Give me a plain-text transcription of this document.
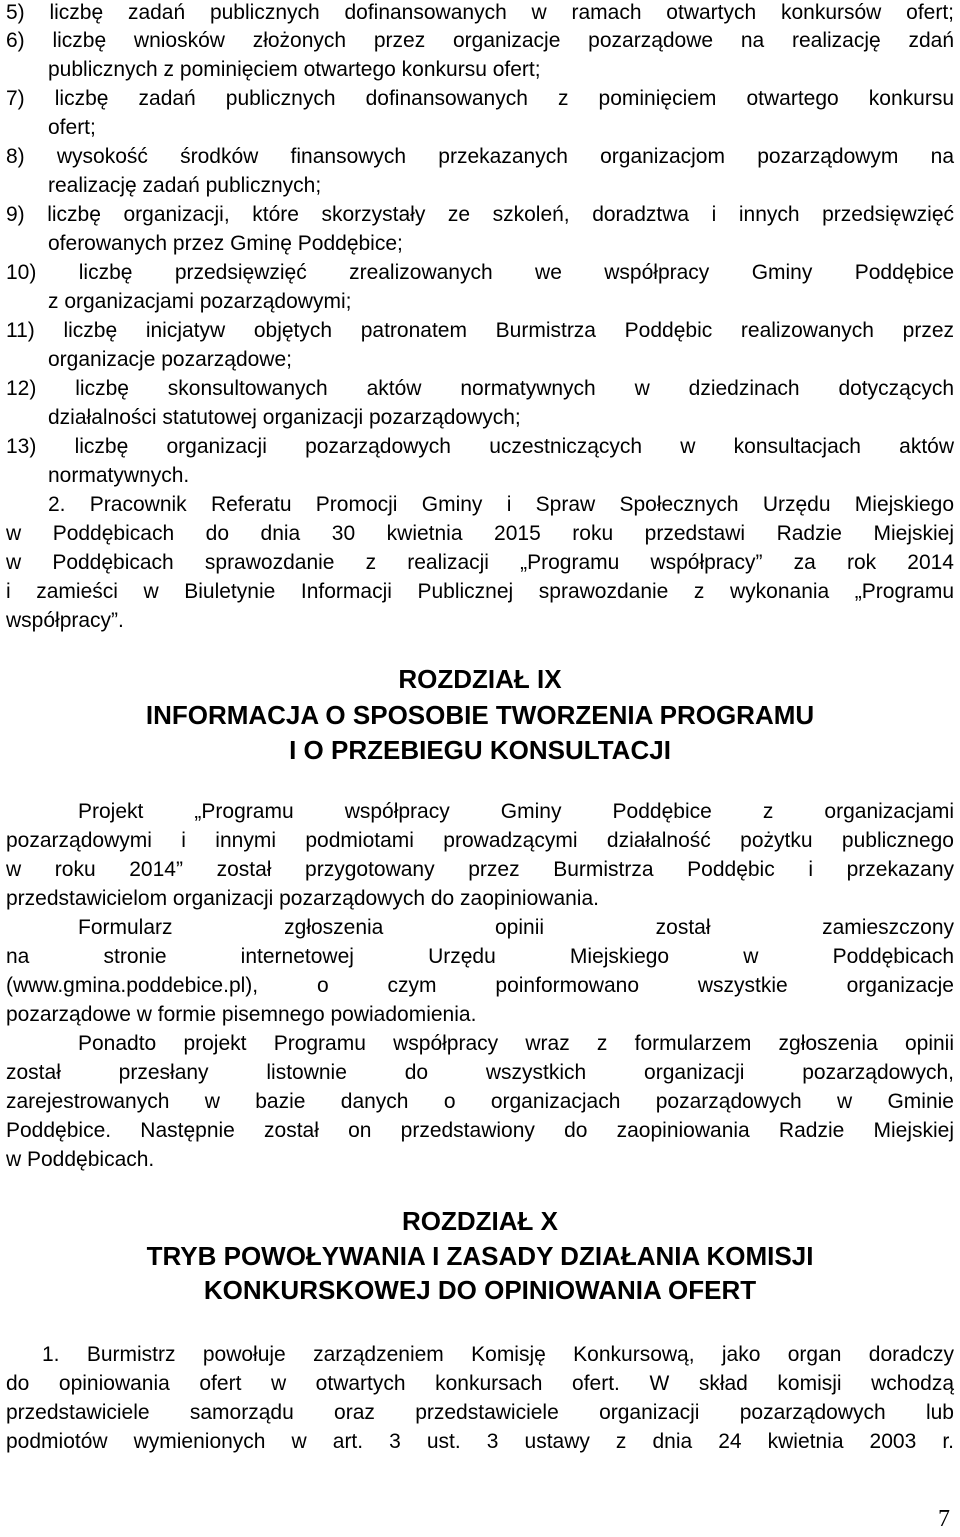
5) liczbę zadań publicznych dofinansowanych w ramach otwartych konkursów ofert;
6) liczbę wniosków złożonych przez organizacje pozarządowe na realizację zdań
publicznych z pominięciem otwartego konkursu ofert;
7) liczbę zadań publicznych dofinansowanych z pominięciem otwartego konkursu
ofert;
8) wysokość środków finansowych przekazanych organizacjom pozarządowym na
realizację zadań publicznych;
9) liczbę organizacji, które skorzystały ze szkoleń, doradztwa i innych przedsięwzięć
oferowanych przez Gminę Poddębice;
10) liczbę przedsięwzięć zrealizowanych we współpracy Gminy Poddębice
z organizacjami pozarządowymi;
11) liczbę inicjatyw objętych patronatem Burmistrza Poddębic realizowanych przez
organizacje pozarządowe;
12) liczbę skonsultowanych aktów normatywnych w dziedzinach dotyczących
działalności statutowej organizacji pozarządowych;
13) liczbę organizacji pozarządowych uczestniczących w konsultacjach aktów
normatywnych.
2. Pracownik Referatu Promocji Gminy i Spraw Społecznych Urzędu Miejskiego
w Poddębicach do dnia 30 kwietnia 2015 roku przedstawi Radzie Miejskiej
w Poddębicach sprawozdanie z realizacji „Programu współpracy” za rok 2014
i zamieści w Biuletynie Informacji Publicznej sprawozdanie z wykonania „Programu
współpracy”.
ROZDZIAŁ IX
INFORMACJA O SPOSOBIE TWORZENIA PROGRAMU
I O PRZEBIEGU KONSULTACJI
Projekt „Programu współpracy Gminy Poddębice z organizacjami
pozarządowymi i innymi podmiotami prowadzącymi działalność pożytku publicznego
w roku 2014” został przygotowany przez Burmistrza Poddębic i przekazany
przedstawicielom organizacji pozarządowych do zaopiniowania.
Formularz zgłoszenia opinii został zamieszczony
na stronie internetowej Urzędu Miejskiego w Poddębicach
(www.gmina.poddebice.pl), o czym poinformowano wszystkie organizacje
pozarządowe w formie pisemnego powiadomienia.
Ponadto projekt Programu współpracy wraz z formularzem zgłoszenia opinii
został przesłany listownie do wszystkich organizacji pozarządowych,
zarejestrowanych w bazie danych o organizacjach pozarządowych w Gminie
Poddębice. Następnie został on przedstawiony do zaopiniowania Radzie Miejskiej
w Poddębicach.
ROZDZIAŁ X
TRYB POWOŁYWANIA I ZASADY DZIAŁANIA KOMISJI
KONKURSKOWEJ DO OPINIOWANIA OFERT
1. Burmistrz powołuje zarządzeniem Komisję Konkursową, jako organ doradczy
do opiniowania ofert w otwartych konkursach ofert. W skład komisji wchodzą
przedstawiciele samorządu oraz przedstawiciele organizacji pozarządowych lub
podmiotów wymienionych w art. 3 ust. 3 ustawy z dnia 24 kwietnia 2003 r.
7
